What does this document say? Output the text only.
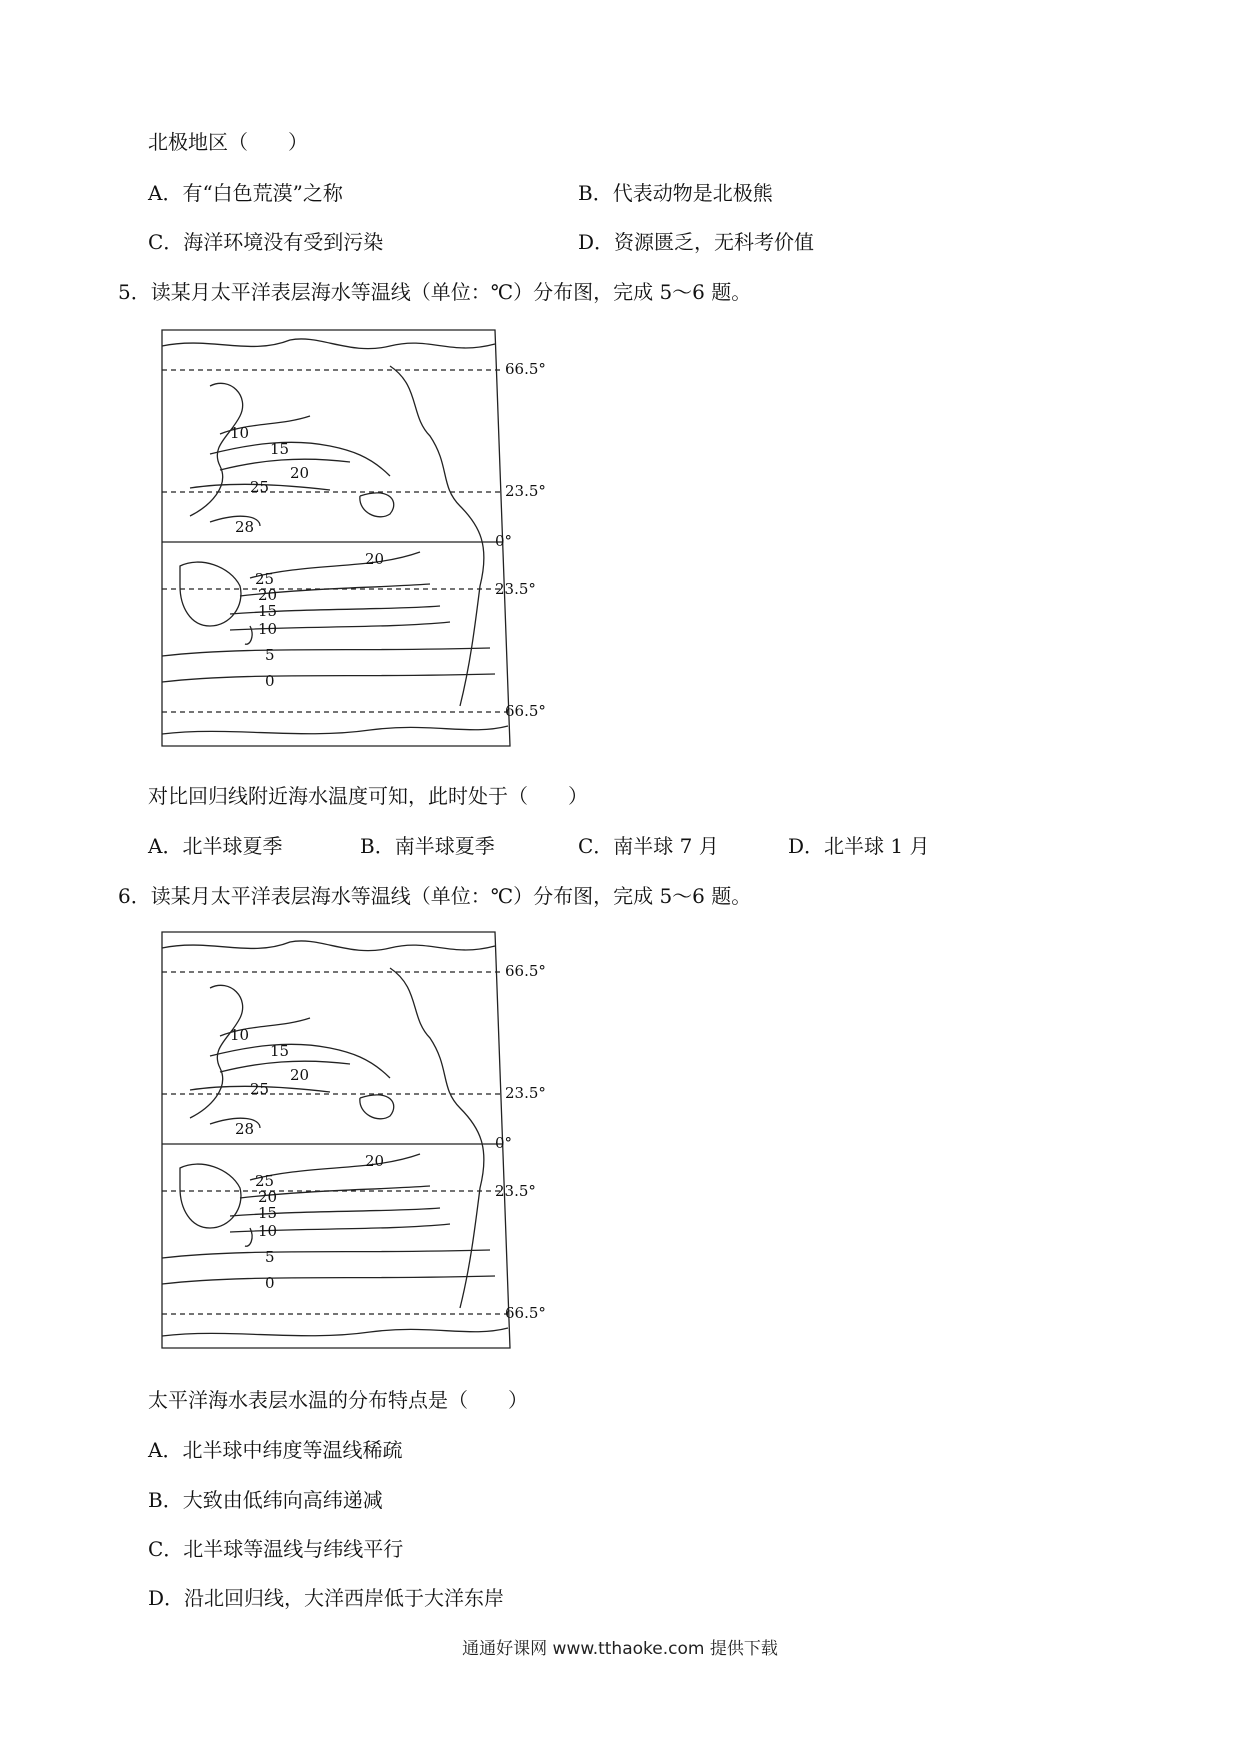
北极地区（　　）
A．有“白色荒漠”之称	B．代表动物是北极熊
C．海洋环境没有受到污染	D．资源匮乏，无科考价值
5．读某月太平洋表层海水等温线（单位：℃）分布图，完成 5～6 题。
66.5°
23.5°
0°
23.5°
66.5°
10
15
20
25
28
20
25
20
15
10
5
0
对比回归线附近海水温度可知，此时处于（　　）
A．北半球夏季	B．南半球夏季	C．南半球 7 月	D．北半球 1 月
6．读某月太平洋表层海水等温线（单位：℃）分布图，完成 5～6 题。
66.5°
23.5°
0°
23.5°
66.5°
10
15
20
25
28
20
25
20
15
10
5
0
太平洋海水表层水温的分布特点是（　　）
A．北半球中纬度等温线稀疏
B．大致由低纬向高纬递减
C．北半球等温线与纬线平行
D．沿北回归线，大洋西岸低于大洋东岸
通通好课网 www.tthaoke.com 提供下载
